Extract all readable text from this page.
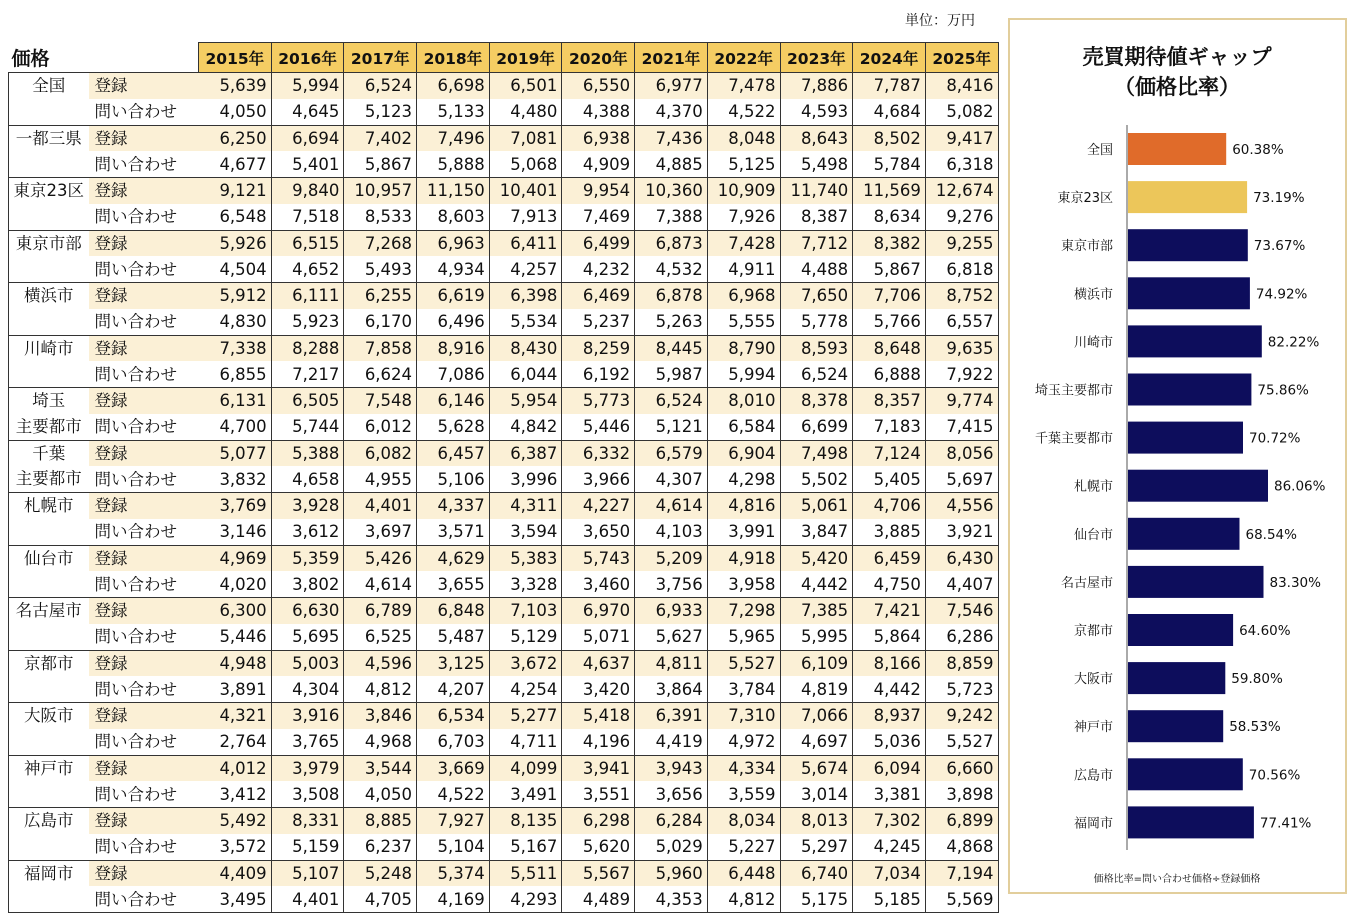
単位：万円
価格		2015年	2016年	2017年	2018年	2019年	2020年	2021年	2022年	2023年	2024年	2025年
全国	登録	5,639	5,994	6,524	6,698	6,501	6,550	6,977	7,478	7,886	7,787	8,416
	問い合わせ	4,050	4,645	5,123	5,133	4,480	4,388	4,370	4,522	4,593	4,684	5,082
一都三県	登録	6,250	6,694	7,402	7,496	7,081	6,938	7,436	8,048	8,643	8,502	9,417
	問い合わせ	4,677	5,401	5,867	5,888	5,068	4,909	4,885	5,125	5,498	5,784	6,318
東京23区	登録	9,121	9,840	10,957	11,150	10,401	9,954	10,360	10,909	11,740	11,569	12,674
	問い合わせ	6,548	7,518	8,533	8,603	7,913	7,469	7,388	7,926	8,387	8,634	9,276
東京市部	登録	5,926	6,515	7,268	6,963	6,411	6,499	6,873	7,428	7,712	8,382	9,255
	問い合わせ	4,504	4,652	5,493	4,934	4,257	4,232	4,532	4,911	4,488	5,867	6,818
横浜市	登録	5,912	6,111	6,255	6,619	6,398	6,469	6,878	6,968	7,650	7,706	8,752
	問い合わせ	4,830	5,923	6,170	6,496	5,534	5,237	5,263	5,555	5,778	5,766	6,557
川崎市	登録	7,338	8,288	7,858	8,916	8,430	8,259	8,445	8,790	8,593	8,648	9,635
	問い合わせ	6,855	7,217	6,624	7,086	6,044	6,192	5,987	5,994	6,524	6,888	7,922
埼玉	登録	6,131	6,505	7,548	6,146	5,954	5,773	6,524	8,010	8,378	8,357	9,774
主要都市	問い合わせ	4,700	5,744	6,012	5,628	4,842	5,446	5,121	6,584	6,699	7,183	7,415
千葉	登録	5,077	5,388	6,082	6,457	6,387	6,332	6,579	6,904	7,498	7,124	8,056
主要都市	問い合わせ	3,832	4,658	4,955	5,106	3,996	3,966	4,307	4,298	5,502	5,405	5,697
札幌市	登録	3,769	3,928	4,401	4,337	4,311	4,227	4,614	4,816	5,061	4,706	4,556
	問い合わせ	3,146	3,612	3,697	3,571	3,594	3,650	4,103	3,991	3,847	3,885	3,921
仙台市	登録	4,969	5,359	5,426	4,629	5,383	5,743	5,209	4,918	5,420	6,459	6,430
	問い合わせ	4,020	3,802	4,614	3,655	3,328	3,460	3,756	3,958	4,442	4,750	4,407
名古屋市	登録	6,300	6,630	6,789	6,848	7,103	6,970	6,933	7,298	7,385	7,421	7,546
	問い合わせ	5,446	5,695	6,525	5,487	5,129	5,071	5,627	5,965	5,995	5,864	6,286
京都市	登録	4,948	5,003	4,596	3,125	3,672	4,637	4,811	5,527	6,109	8,166	8,859
	問い合わせ	3,891	4,304	4,812	4,207	4,254	3,420	3,864	3,784	4,819	4,442	5,723
大阪市	登録	4,321	3,916	3,846	6,534	5,277	5,418	6,391	7,310	7,066	8,937	9,242
	問い合わせ	2,764	3,765	4,968	6,703	4,711	4,196	4,419	4,972	4,697	5,036	5,527
神戸市	登録	4,012	3,979	3,544	3,669	4,099	3,941	3,943	4,334	5,674	6,094	6,660
	問い合わせ	3,412	3,508	4,050	4,522	3,491	3,551	3,656	3,559	3,014	3,381	3,898
広島市	登録	5,492	8,331	8,885	7,927	8,135	6,298	6,284	8,034	8,013	7,302	6,899
	問い合わせ	3,572	5,159	6,237	5,104	5,167	5,620	5,029	5,227	5,297	4,245	4,868
福岡市	登録	4,409	5,107	5,248	5,374	5,511	5,567	5,960	6,448	6,740	7,034	7,194
	問い合わせ	3,495	4,401	4,705	4,169	4,293	4,489	4,353	4,812	5,175	5,185	5,569
売買期待値ギャップ
（価格比率）
全国	60.38%
東京23区	73.19%
東京市部	73.67%
横浜市	74.92%
川崎市	82.22%
埼玉主要都市	75.86%
千葉主要都市	70.72%
札幌市	86.06%
仙台市	68.54%
名古屋市	83.30%
京都市	64.60%
大阪市	59.80%
神戸市	58.53%
広島市	70.56%
福岡市	77.41%
価格比率=問い合わせ価格÷登録価格
